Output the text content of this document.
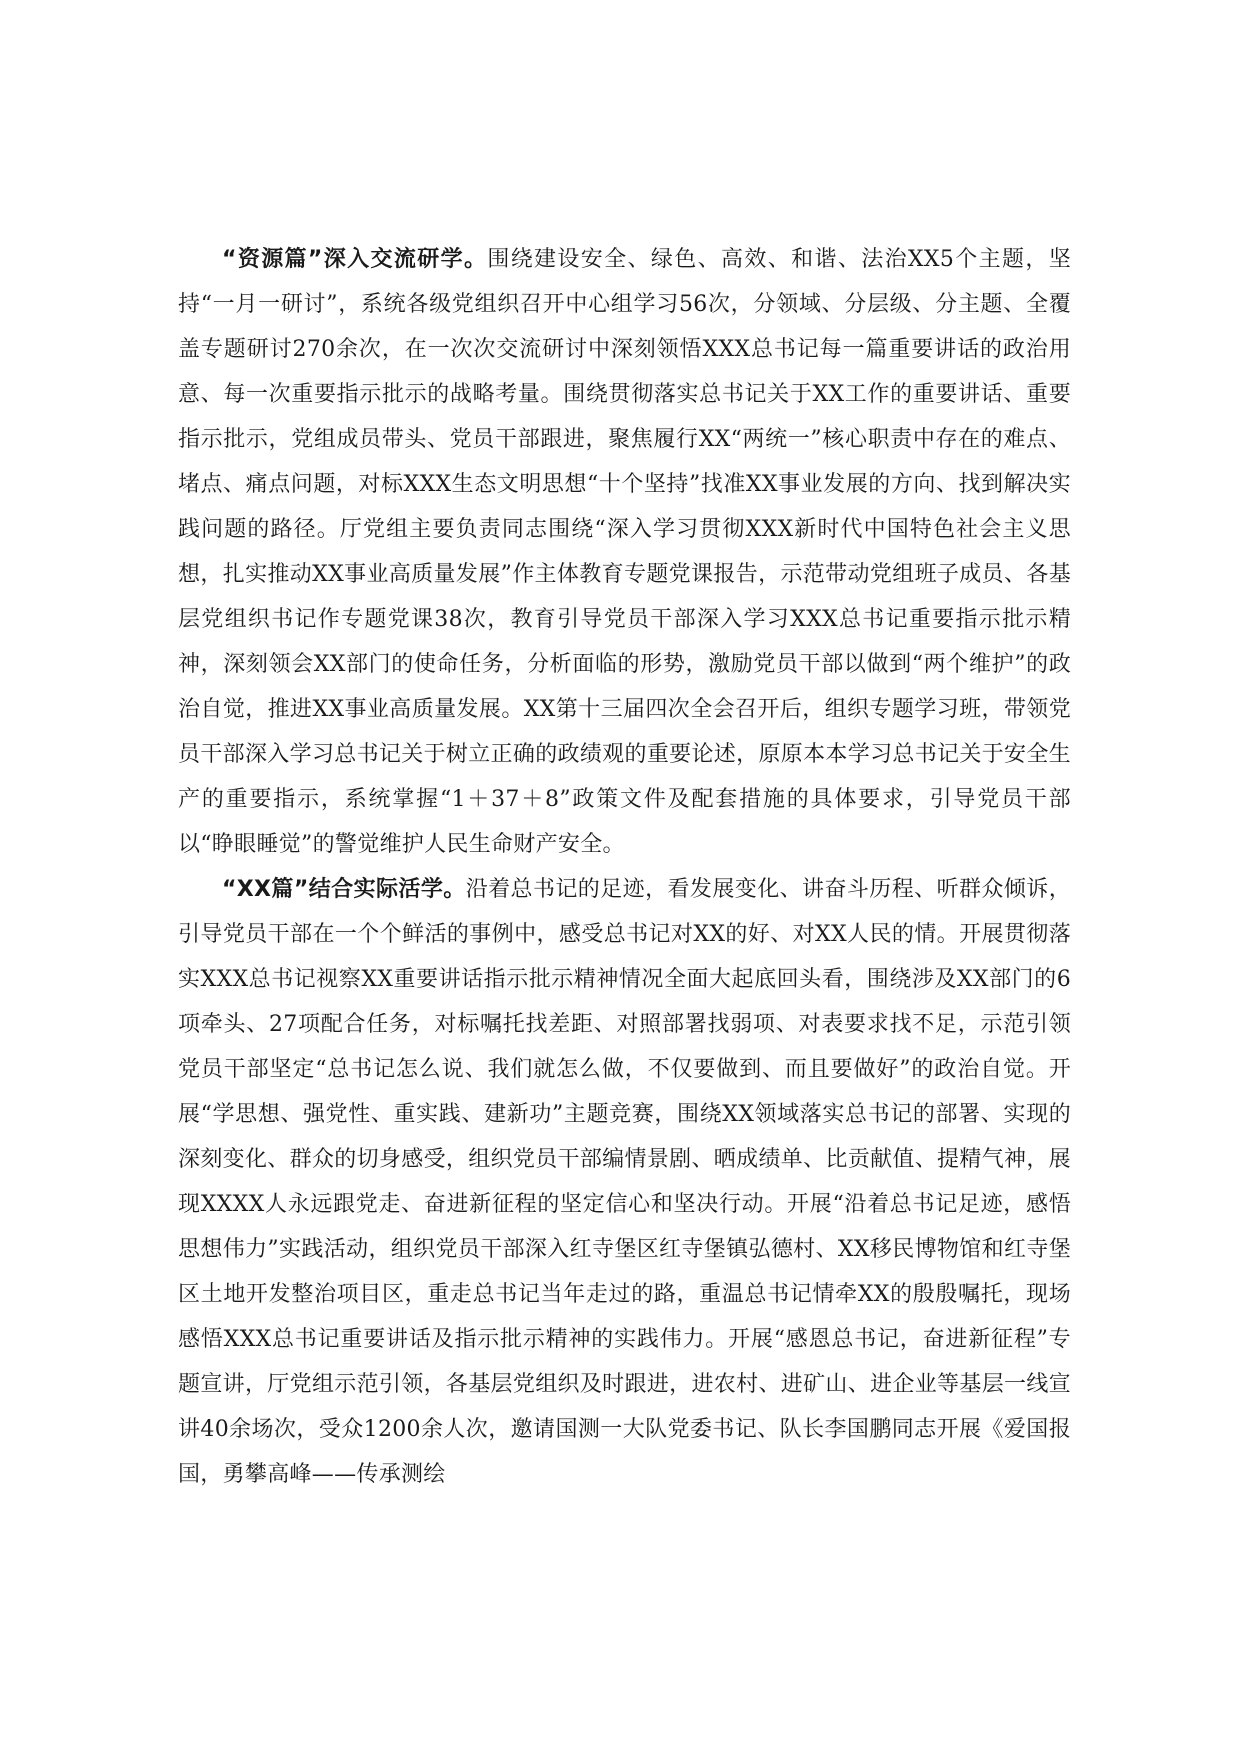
“资源篇”深入交流研学。围绕建设安全、绿色、高效、和谐、法治XX5个主题，坚持“一月一研讨”，系统各级党组织召开中心组学习56次，分领域、分层级、分主题、全覆盖专题研讨270余次，在一次次交流研讨中深刻领悟XXX总书记每一篇重要讲话的政治用意、每一次重要指示批示的战略考量。围绕贯彻落实总书记关于XX工作的重要讲话、重要指示批示，党组成员带头、党员干部跟进，聚焦履行XX“两统一”核心职责中存在的难点、堵点、痛点问题，对标XXX生态文明思想“十个坚持”找准XX事业发展的方向、找到解决实践问题的路径。厅党组主要负责同志围绕“深入学习贯彻XXX新时代中国特色社会主义思想，扎实推动XX事业高质量发展”作主体教育专题党课报告，示范带动党组班子成员、各基层党组织书记作专题党课38次，教育引导党员干部深入学习XXX总书记重要指示批示精神，深刻领会XX部门的使命任务，分析面临的形势，激励党员干部以做到“两个维护”的政治自觉，推进XX事业高质量发展。XX第十三届四次全会召开后，组织专题学习班，带领党员干部深入学习总书记关于树立正确的政绩观的重要论述，原原本本学习总书记关于安全生产的重要指示，系统掌握“1＋37＋8”政策文件及配套措施的具体要求，引导党员干部以“睁眼睡觉”的警觉维护人民生命财产安全。

“XX篇”结合实际活学。沿着总书记的足迹，看发展变化、讲奋斗历程、听群众倾诉，引导党员干部在一个个鲜活的事例中，感受总书记对XX的好、对XX人民的情。开展贯彻落实XXX总书记视察XX重要讲话指示批示精神情况全面大起底回头看，围绕涉及XX部门的6项牵头、27项配合任务，对标嘱托找差距、对照部署找弱项、对表要求找不足，示范引领党员干部坚定“总书记怎么说、我们就怎么做，不仅要做到、而且要做好”的政治自觉。开展“学思想、强党性、重实践、建新功”主题竞赛，围绕XX领域落实总书记的部署、实现的深刻变化、群众的切身感受，组织党员干部编情景剧、晒成绩单、比贡献值、提精气神，展现XXXX人永远跟党走、奋进新征程的坚定信心和坚决行动。开展“沿着总书记足迹，感悟思想伟力”实践活动，组织党员干部深入红寺堡区红寺堡镇弘德村、XX移民博物馆和红寺堡区土地开发整治项目区，重走总书记当年走过的路，重温总书记情牵XX的殷殷嘱托，现场感悟XXX总书记重要讲话及指示批示精神的实践伟力。开展“感恩总书记，奋进新征程”专题宣讲，厅党组示范引领，各基层党组织及时跟进，进农村、进矿山、进企业等基层一线宣讲40余场次，受众1200余人次，邀请国测一大队党委书记、队长李国鹏同志开展《爱国报国，勇攀高峰——传承测绘
